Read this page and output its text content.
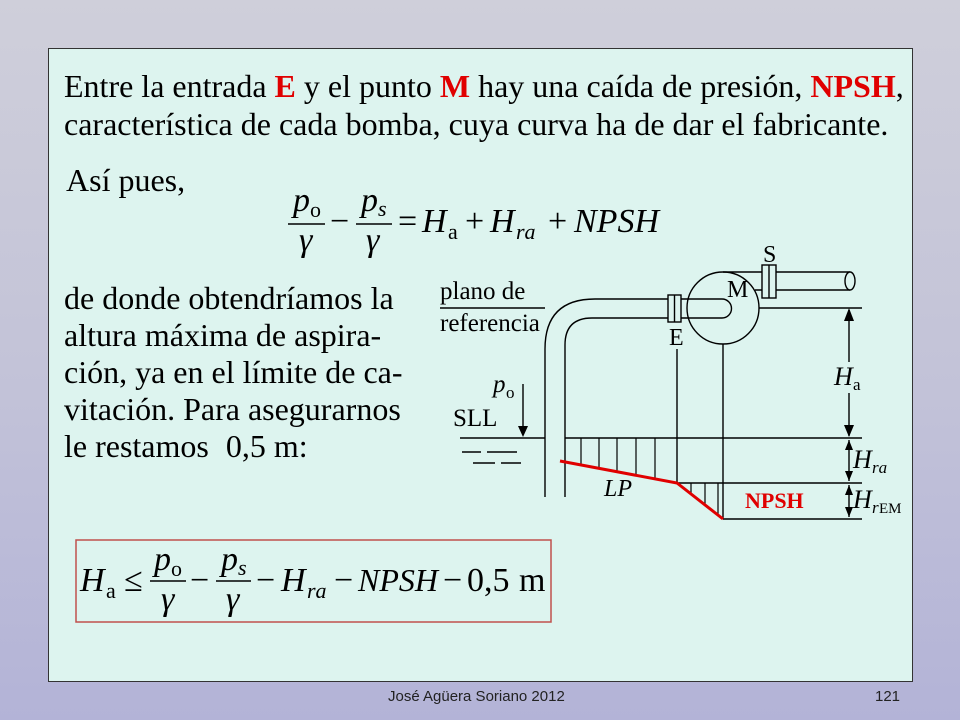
Entre la entrada E y el punto M hay una caída de presión, NPSH,
característica de cada bomba, cuya curva ha de dar el fabricante.
Así pues,
de donde obtendríamos la
altura máxima de aspira-
ción, ya en el límite de ca-
vitación. Para asegurarnos
le restamos 0,5 m:
p o
γ
−
p s
γ
= H a + H ra + NPSH
plano de
referencia
E
M
S
SLL
p o
LP	NPSH
H a
H ra
H r EM
H a ≤
p o
γ
−
p s
γ
− H ra − NPSH − 0,5 m
José Agüera Soriano 2012	121
